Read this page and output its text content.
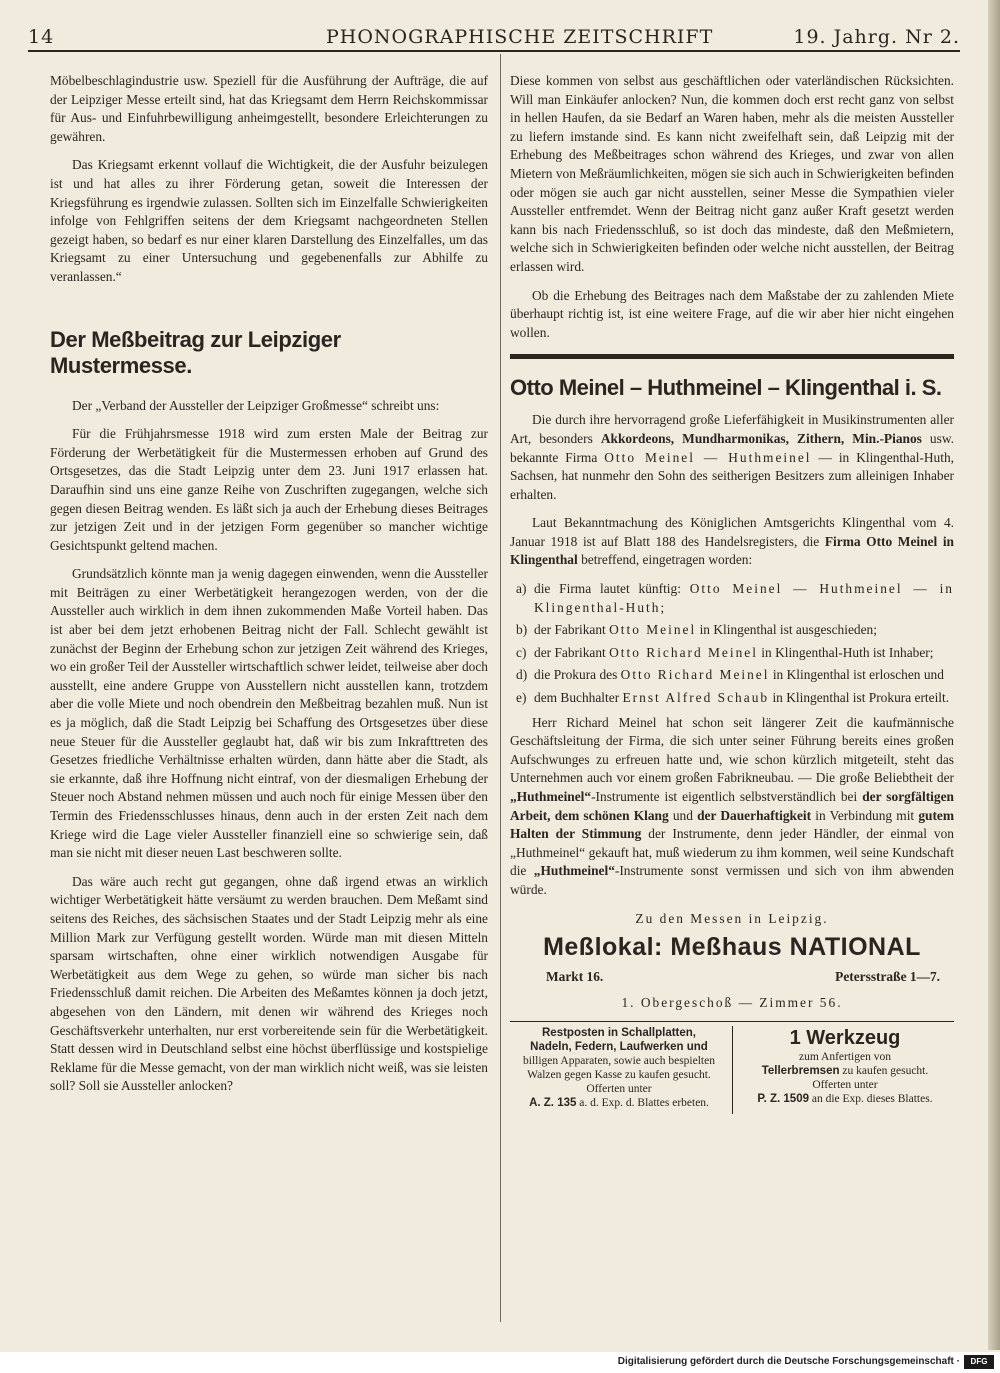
14	PHONOGRAPHISCHE ZEITSCHRIFT	19. Jahrg. Nr 2.

Möbelbeschlagindustrie usw. Speziell für die Ausführung der Aufträge, die auf der Leipziger Messe erteilt sind, hat das Kriegsamt dem Herrn Reichskommissar für Aus- und Einfuhrbewilligung anheimgestellt, besondere Erleichterungen zu gewähren.

Das Kriegsamt erkennt vollauf die Wichtigkeit, die der Ausfuhr beizulegen ist und hat alles zu ihrer Förderung getan, soweit die Interessen der Kriegsführung es irgendwie zulassen. Sollten sich im Einzelfalle Schwierigkeiten infolge von Fehlgriffen seitens der dem Kriegsamt nachgeordneten Stellen gezeigt haben, so bedarf es nur einer klaren Darstellung des Einzelfalles, um das Kriegsamt zu einer Untersuchung und gegebenenfalls zur Abhilfe zu veranlassen.“

Der Meßbeitrag zur Leipziger Mustermesse.

Der „Verband der Aussteller der Leipziger Großmesse“ schreibt uns:

Für die Frühjahrsmesse 1918 wird zum ersten Male der Beitrag zur Förderung der Werbetätigkeit für die Mustermessen erhoben auf Grund des Ortsgesetzes, das die Stadt Leipzig unter dem 23. Juni 1917 erlassen hat. Daraufhin sind uns eine ganze Reihe von Zuschriften zugegangen, welche sich gegen diesen Beitrag wenden. Es läßt sich ja auch der Erhebung dieses Beitrages zur jetzigen Zeit und in der jetzigen Form gegenüber so mancher wichtige Gesichtspunkt geltend machen.

Grundsätzlich könnte man ja wenig dagegen einwenden, wenn die Aussteller mit Beiträgen zu einer Werbetätigkeit herangezogen werden, von der die Aussteller auch wirklich in dem ihnen zukommenden Maße Vorteil haben. Das ist aber bei dem jetzt erhobenen Beitrag nicht der Fall. Schlecht gewählt ist zunächst der Beginn der Erhebung schon zur jetzigen Zeit während des Krieges, wo ein großer Teil der Aussteller wirtschaftlich schwer leidet, teilweise aber doch ausstellt, eine andere Gruppe von Ausstellern nicht ausstellen kann, trotzdem aber die volle Miete und noch obendrein den Meßbeitrag bezahlen muß. Nun ist es ja möglich, daß die Stadt Leipzig bei Schaffung des Ortsgesetzes über diese neue Steuer für die Aussteller geglaubt hat, daß wir bis zum Inkrafttreten des Gesetzes friedliche Verhältnisse erhalten würden, dann hätte aber die Stadt, als sie erkannte, daß ihre Hoffnung nicht eintraf, von der diesmaligen Erhebung der Steuer noch Abstand nehmen müssen und auch noch für einige Messen über den Termin des Friedensschlusses hinaus, denn auch in der ersten Zeit nach dem Kriege wird die Lage vieler Aussteller finanziell eine so schwierige sein, daß man sie nicht mit dieser neuen Last beschweren sollte.

Das wäre auch recht gut gegangen, ohne daß irgend etwas an wirklich wichtiger Werbetätigkeit hätte versäumt zu werden brauchen. Dem Meßamt sind seitens des Reiches, des sächsischen Staates und der Stadt Leipzig mehr als eine Million Mark zur Verfügung gestellt worden. Würde man mit diesen Mitteln sparsam wirtschaften, ohne einer wirklich notwendigen Ausgabe für Werbetätigkeit aus dem Wege zu gehen, so würde man sicher bis nach Friedensschluß damit reichen. Die Arbeiten des Meßamtes können ja doch jetzt, abgesehen von den Ländern, mit denen wir während des Krieges noch Geschäftsverkehr unterhalten, nur erst vorbereitende sein für die Werbetätigkeit. Statt dessen wird in Deutschland selbst eine höchst überflüssige und kostspielige Reklame für die Messe gemacht, von der man wirklich nicht weiß, was sie leisten soll? Soll sie Aussteller anlocken?

Diese kommen von selbst aus geschäftlichen oder vaterländischen Rücksichten. Will man Einkäufer anlocken? Nun, die kommen doch erst recht ganz von selbst in hellen Haufen, da sie Bedarf an Waren haben, mehr als die meisten Aussteller zu liefern imstande sind. Es kann nicht zweifelhaft sein, daß Leipzig mit der Erhebung des Meßbeitrages schon während des Krieges, und zwar von allen Mietern von Meßräumlichkeiten, mögen sie sich auch in Schwierigkeiten befinden oder mögen sie auch gar nicht ausstellen, seiner Messe die Sympathien vieler Aussteller entfremdet. Wenn der Beitrag nicht ganz außer Kraft gesetzt werden kann bis nach Friedensschluß, so ist doch das mindeste, daß den Meßmietern, welche sich in Schwierigkeiten befinden oder welche nicht ausstellen, der Beitrag erlassen wird.

Ob die Erhebung des Beitrages nach dem Maßstabe der zu zahlenden Miete überhaupt richtig ist, ist eine weitere Frage, auf die wir aber hier nicht eingehen wollen.

Otto Meinel – Huthmeinel – Klingenthal i. S.

Die durch ihre hervorragend große Lieferfähigkeit in Musikinstrumenten aller Art, besonders Akkordeons, Mundharmonikas, Zithern, Min.-Pianos usw. bekannte Firma Otto Meinel — Huthmeinel — in Klingenthal-Huth, Sachsen, hat nunmehr den Sohn des seitherigen Besitzers zum alleinigen Inhaber erhalten.

Laut Bekanntmachung des Königlichen Amtsgerichts Klingenthal vom 4. Januar 1918 ist auf Blatt 188 des Handelsregisters, die Firma Otto Meinel in Klingenthal betreffend, eingetragen worden:

a) die Firma lautet künftig: Otto Meinel — Huthmeinel — in Klingenthal-Huth;
b) der Fabrikant Otto Meinel in Klingenthal ist ausgeschieden;
c) der Fabrikant Otto Richard Meinel in Klingenthal-Huth ist Inhaber;
d) die Prokura des Otto Richard Meinel in Klingenthal ist erloschen und
e) dem Buchhalter Ernst Alfred Schaub in Klingenthal ist Prokura erteilt.

Herr Richard Meinel hat schon seit längerer Zeit die kaufmännische Geschäftsleitung der Firma, die sich unter seiner Führung bereits eines großen Aufschwunges zu erfreuen hatte und, wie schon kürzlich mitgeteilt, steht das Unternehmen auch vor einem großen Fabrikneubau. — Die große Beliebtheit der „Huthmeinel“-Instrumente ist eigentlich selbstverständlich bei der sorgfältigen Arbeit, dem schönen Klang und der Dauerhaftigkeit in Verbindung mit gutem Halten der Stimmung der Instrumente, denn jeder Händler, der einmal von „Huthmeinel“ gekauft hat, muß wiederum zu ihm kommen, weil seine Kundschaft die „Huthmeinel“-Instrumente sonst vermissen und sich von ihm abwenden würde.

Zu den Messen in Leipzig.
Meßlokal: Meßhaus NATIONAL
Markt 16.	Petersstraße 1—7.
1. Obergeschoß — Zimmer 56.
Restposten in Schallplatten,
Nadeln, Federn, Laufwerken und
billigen Apparaten, sowie auch bespielten
Walzen gegen Kasse zu kaufen gesucht.
Offerten unter
A. Z. 135 a. d. Exp. d. Blattes erbeten.
1 Werkzeug
zum Anfertigen von
Tellerbremsen zu kaufen gesucht.
Offerten unter
P. Z. 1509 an die Exp. dieses Blattes.
Digitalisierung gefördert durch die Deutsche Forschungsgemeinschaft ·	DFG
